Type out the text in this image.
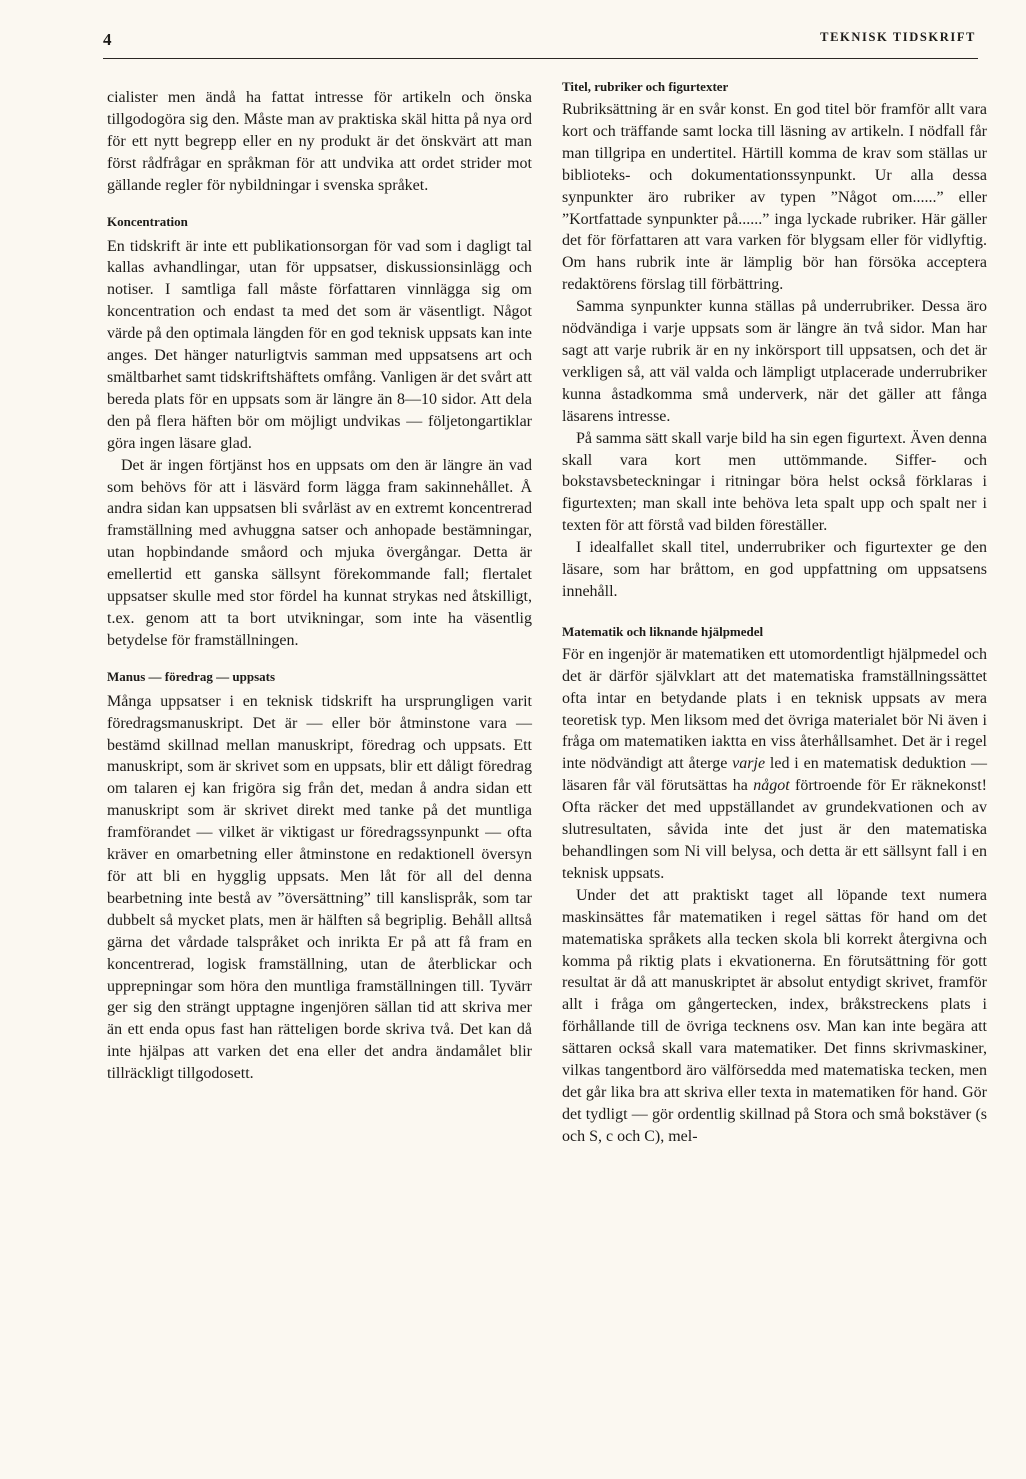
4	TEKNISK TIDSKRIFT

cialister men ändå ha fattat intresse för artikeln och önska tillgodogöra sig den. Måste man av praktiska skäl hitta på nya ord för ett nytt begrepp eller en ny produkt är det önskvärt att man först rådfrågar en språkman för att undvika att ordet strider mot gällande regler för nybildningar i svenska språket.

Koncentration

En tidskrift är inte ett publikationsorgan för vad som i dagligt tal kallas avhandlingar, utan för uppsatser, diskussionsinlägg och notiser. I samtliga fall måste författaren vinnlägga sig om koncentration och endast ta med det som är väsentligt. Något värde på den optimala längden för en god teknisk uppsats kan inte anges. Det hänger naturligtvis samman med uppsatsens art och smältbarhet samt tidskriftshäftets omfång. Vanligen är det svårt att bereda plats för en uppsats som är längre än 8—10 sidor. Att dela den på flera häften bör om möjligt undvikas — följetongartiklar göra ingen läsare glad.

Det är ingen förtjänst hos en uppsats om den är längre än vad som behövs för att i läsvärd form lägga fram sakinnehållet. Å andra sidan kan uppsatsen bli svårläst av en extremt koncentrerad framställning med avhuggna satser och anhopade bestämningar, utan hopbindande småord och mjuka övergångar. Detta är emellertid ett ganska sällsynt förekommande fall; flertalet uppsatser skulle med stor fördel ha kunnat strykas ned åtskilligt, t.ex. genom att ta bort utvikningar, som inte ha väsentlig betydelse för framställningen.

Manus — föredrag — uppsats

Många uppsatser i en teknisk tidskrift ha ursprungligen varit föredragsmanuskript. Det är — eller bör åtminstone vara — bestämd skillnad mellan manuskript, föredrag och uppsats. Ett manuskript, som är skrivet som en uppsats, blir ett dåligt föredrag om talaren ej kan frigöra sig från det, medan å andra sidan ett manuskript som är skrivet direkt med tanke på det muntliga framförandet — vilket är viktigast ur föredragssynpunkt — ofta kräver en omarbetning eller åtminstone en redaktionell översyn för att bli en hygglig uppsats. Men låt för all del denna bearbetning inte bestå av ”översättning” till kanslispråk, som tar dubbelt så mycket plats, men är hälften så begriplig. Behåll alltså gärna det vårdade talspråket och inrikta Er på att få fram en koncentrerad, logisk framställning, utan de återblickar och upprepningar som höra den muntliga framställningen till. Tyvärr ger sig den strängt upptagne ingenjören sällan tid att skriva mer än ett enda opus fast han rätteligen borde skriva två. Det kan då inte hjälpas att varken det ena eller det andra ändamålet blir tillräckligt tillgodosett.

Titel, rubriker och figurtexter

Rubriksättning är en svår konst. En god titel bör framför allt vara kort och träffande samt locka till läsning av artikeln. I nödfall får man tillgripa en undertitel. Härtill komma de krav som ställas ur biblioteks- och dokumentationssynpunkt. Ur alla dessa synpunkter äro rubriker av typen ”Något om......” eller ”Kortfattade synpunkter på......” inga lyckade rubriker. Här gäller det för författaren att vara varken för blygsam eller för vidlyftig. Om hans rubrik inte är lämplig bör han försöka acceptera redaktörens förslag till förbättring.

Samma synpunkter kunna ställas på underrubriker. Dessa äro nödvändiga i varje uppsats som är längre än två sidor. Man har sagt att varje rubrik är en ny inkörsport till uppsatsen, och det är verkligen så, att väl valda och lämpligt utplacerade underrubriker kunna åstadkomma små underverk, när det gäller att fånga läsarens intresse.

På samma sätt skall varje bild ha sin egen figurtext. Även denna skall vara kort men uttömmande. Siffer- och bokstavsbeteckningar i ritningar böra helst också förklaras i figurtexten; man skall inte behöva leta spalt upp och spalt ner i texten för att förstå vad bilden föreställer.

I idealfallet skall titel, underrubriker och figurtexter ge den läsare, som har bråttom, en god uppfattning om uppsatsens innehåll.

Matematik och liknande hjälpmedel

För en ingenjör är matematiken ett utomordentligt hjälpmedel och det är därför självklart att det matematiska framställningssättet ofta intar en betydande plats i en teknisk uppsats av mera teoretisk typ. Men liksom med det övriga materialet bör Ni även i fråga om matematiken iaktta en viss återhållsamhet. Det är i regel inte nödvändigt att återge varje led i en matematisk deduktion — läsaren får väl förutsättas ha något förtroende för Er räknekonst! Ofta räcker det med uppställandet av grundekvationen och av slutresultaten, såvida inte det just är den matematiska behandlingen som Ni vill belysa, och detta är ett sällsynt fall i en teknisk uppsats.

Under det att praktiskt taget all löpande text numera maskinsättes får matematiken i regel sättas för hand om det matematiska språkets alla tecken skola bli korrekt återgivna och komma på riktig plats i ekvationerna. En förutsättning för gott resultat är då att manuskriptet är absolut entydigt skrivet, framför allt i fråga om gångertecken, index, bråkstreckens plats i förhållande till de övriga tecknens osv. Man kan inte begära att sättaren också skall vara matematiker. Det finns skrivmaskiner, vilkas tangentbord äro välförsedda med matematiska tecken, men det går lika bra att skriva eller texta in matematiken för hand. Gör det tydligt — gör ordentlig skillnad på Stora och små bokstäver (s och S, c och C), mel-
